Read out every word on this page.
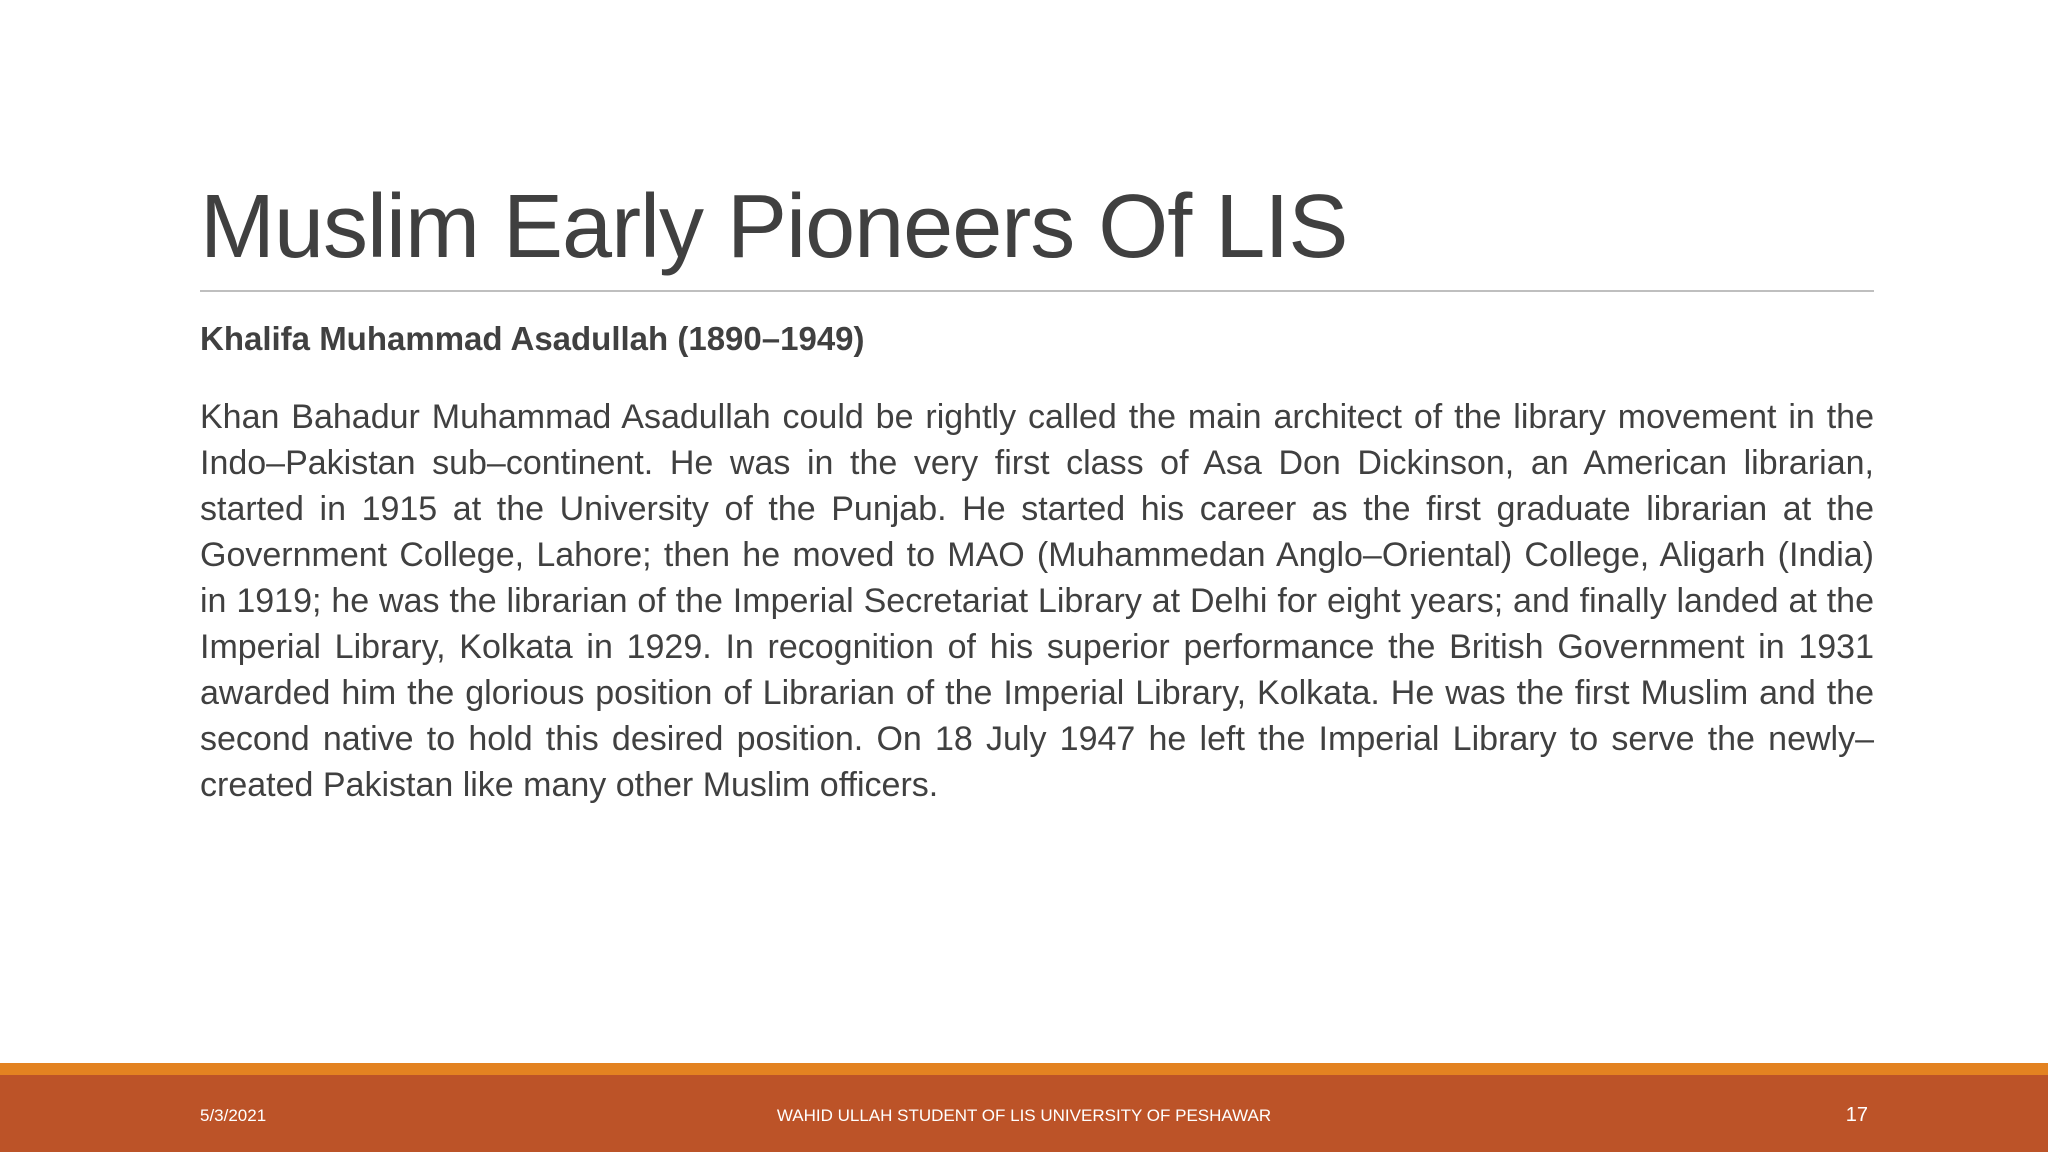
Muslim Early Pioneers Of LIS
Khalifa Muhammad Asadullah (1890–1949)

Khan Bahadur Muhammad Asadullah could be rightly called the main architect of the library movement in the Indo–Pakistan sub–continent. He was in the very first class of Asa Don Dickinson, an American librarian, started in 1915 at the University of the Punjab. He started his career as the first graduate librarian at the Government College, Lahore; then he moved to MAO (Muhammedan Anglo–Oriental) College, Aligarh (India) in 1919; he was the librarian of the Imperial Secretariat Library at Delhi for eight years; and finally landed at the Imperial Library, Kolkata in 1929. In recognition of his superior performance the British Government in 1931 awarded him the glorious position of Librarian of the Imperial Library, Kolkata. He was the first Muslim and the second native to hold this desired position. On 18 July 1947 he left the Imperial Library to serve the newly–created Pakistan like many other Muslim officers.

5/3/2021	WAHID ULLAH STUDENT OF LIS UNIVERSITY OF PESHAWAR	17
